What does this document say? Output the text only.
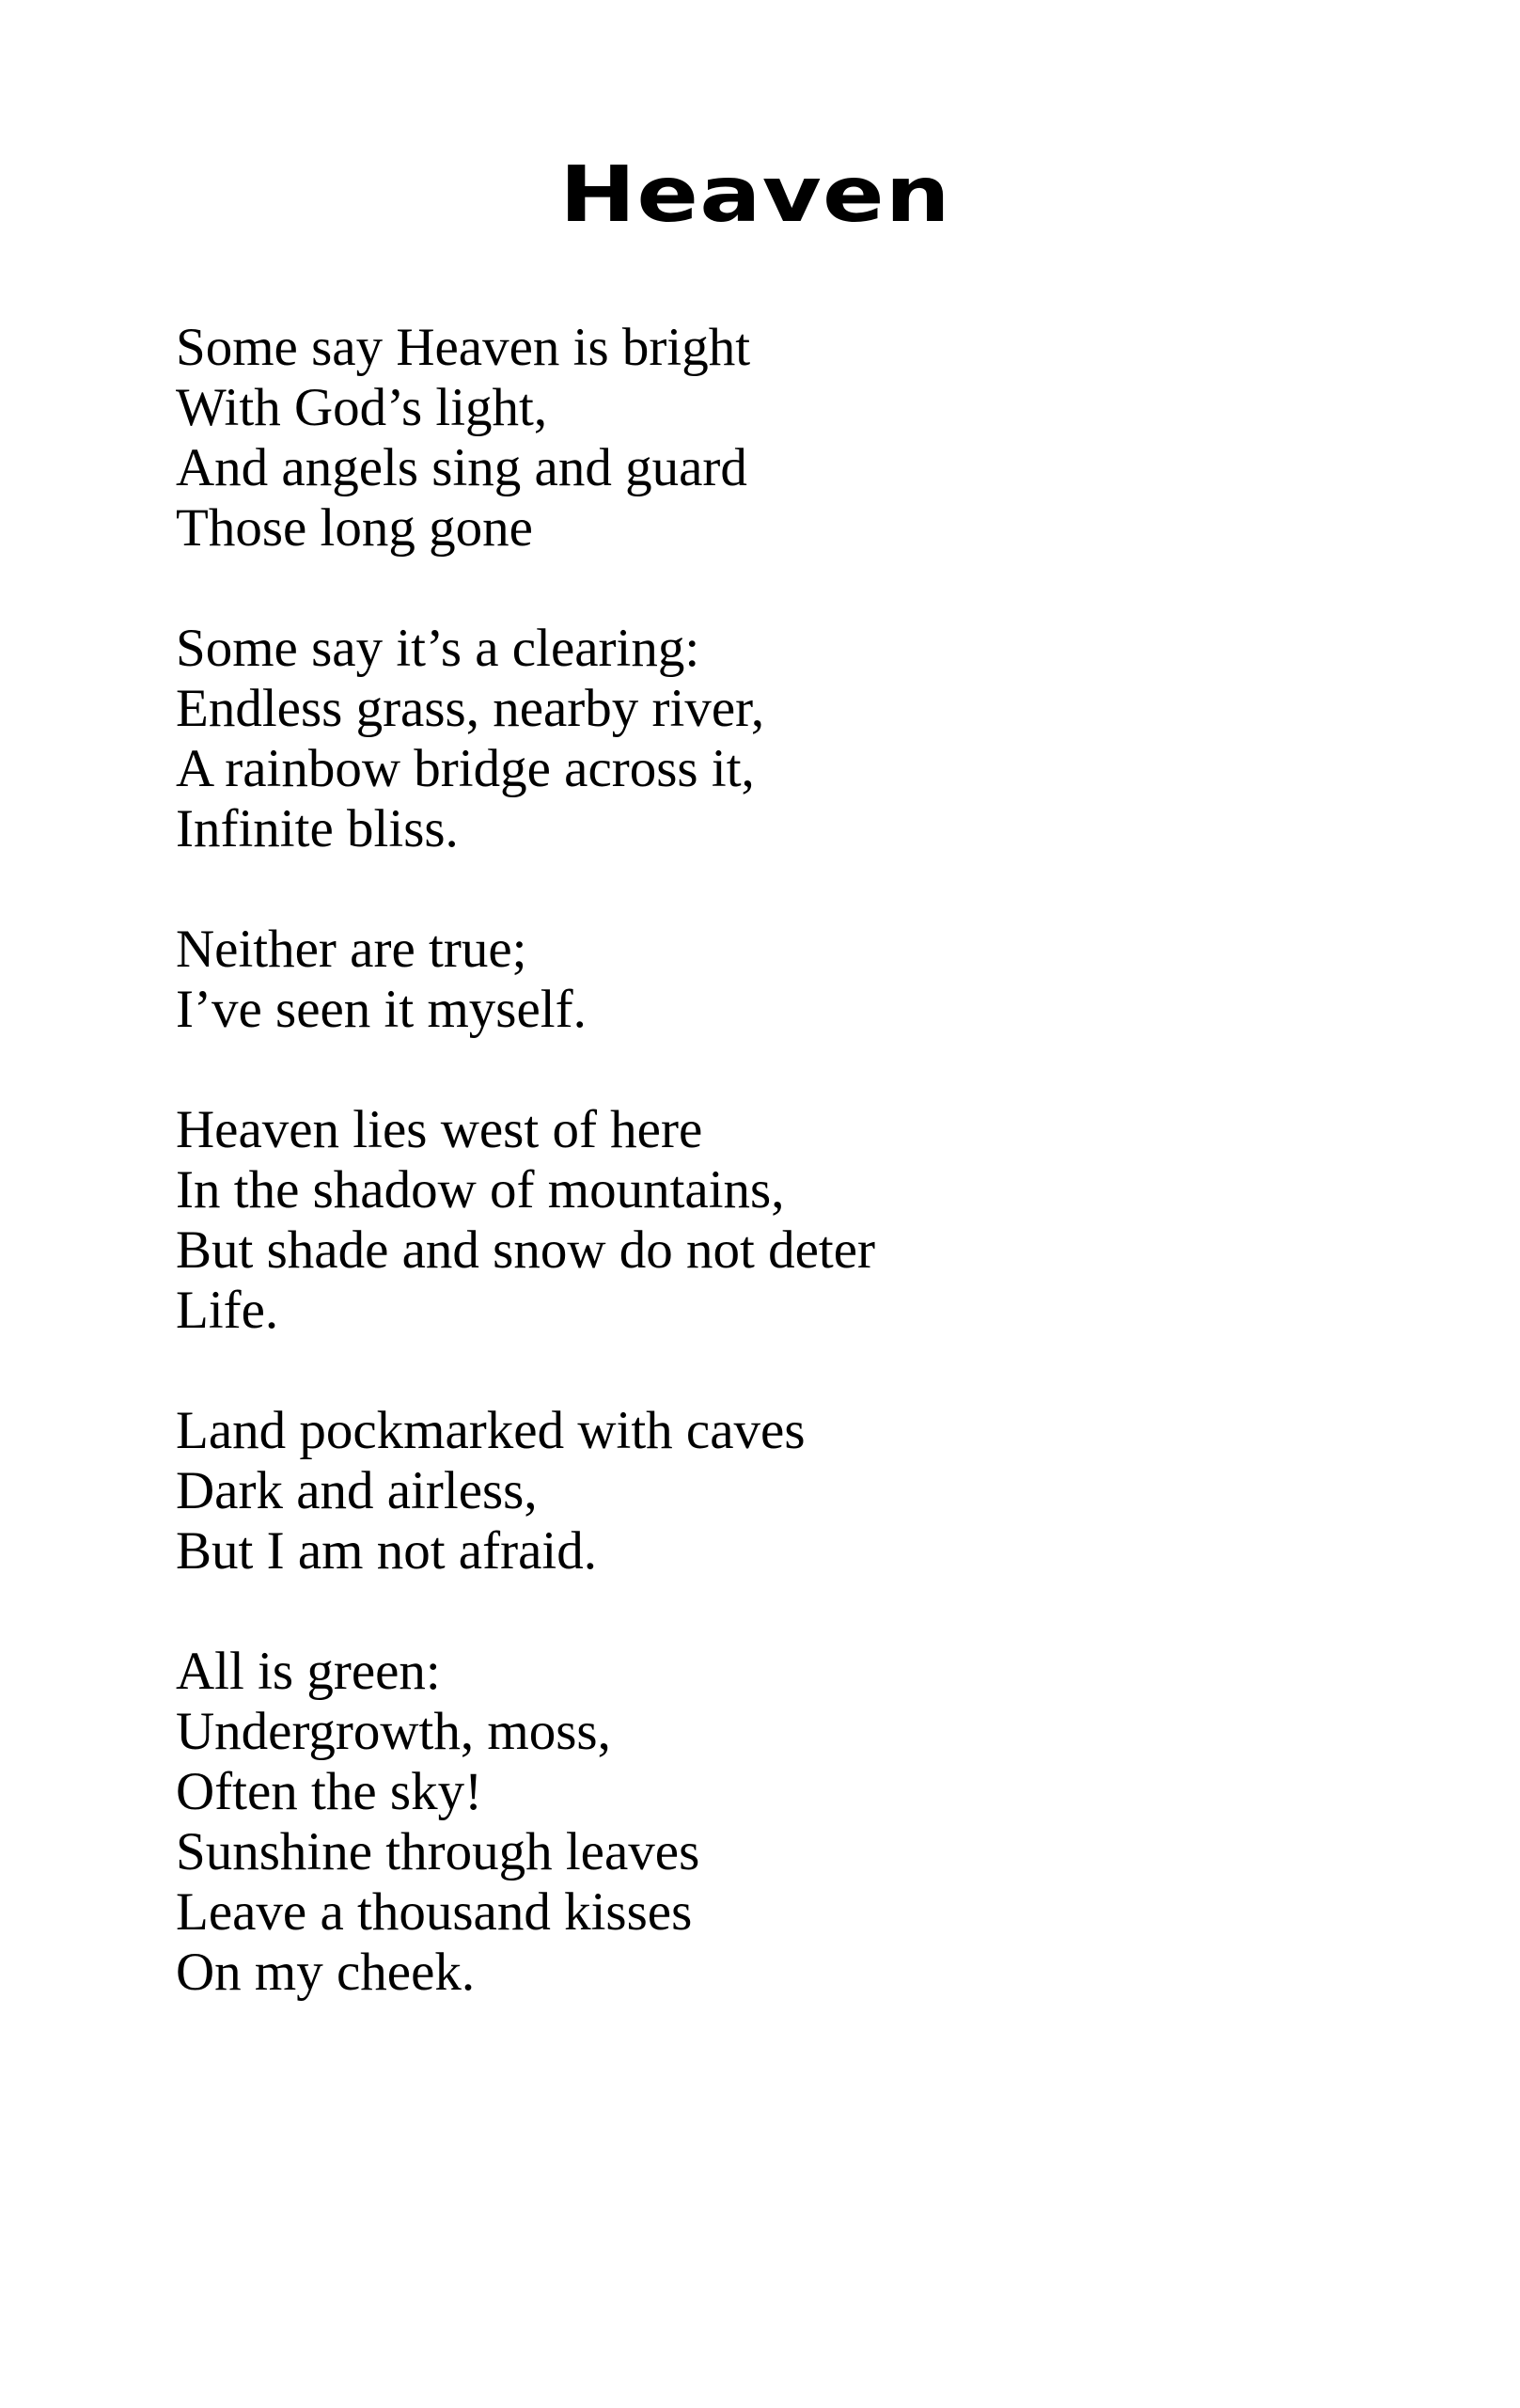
Heaven
Some say Heaven is bright
With God’s light,
And angels sing and guard
Those long gone
Some say it’s a clearing:
Endless grass, nearby river,
A rainbow bridge across it,
Infinite bliss.
Neither are true;
I’ve seen it myself.
Heaven lies west of here
In the shadow of mountains,
But shade and snow do not deter
Life.
Land pockmarked with caves
Dark and airless,
But I am not afraid.
All is green:
Undergrowth, moss,
Often the sky!
Sunshine through leaves
Leave a thousand kisses
On my cheek.
